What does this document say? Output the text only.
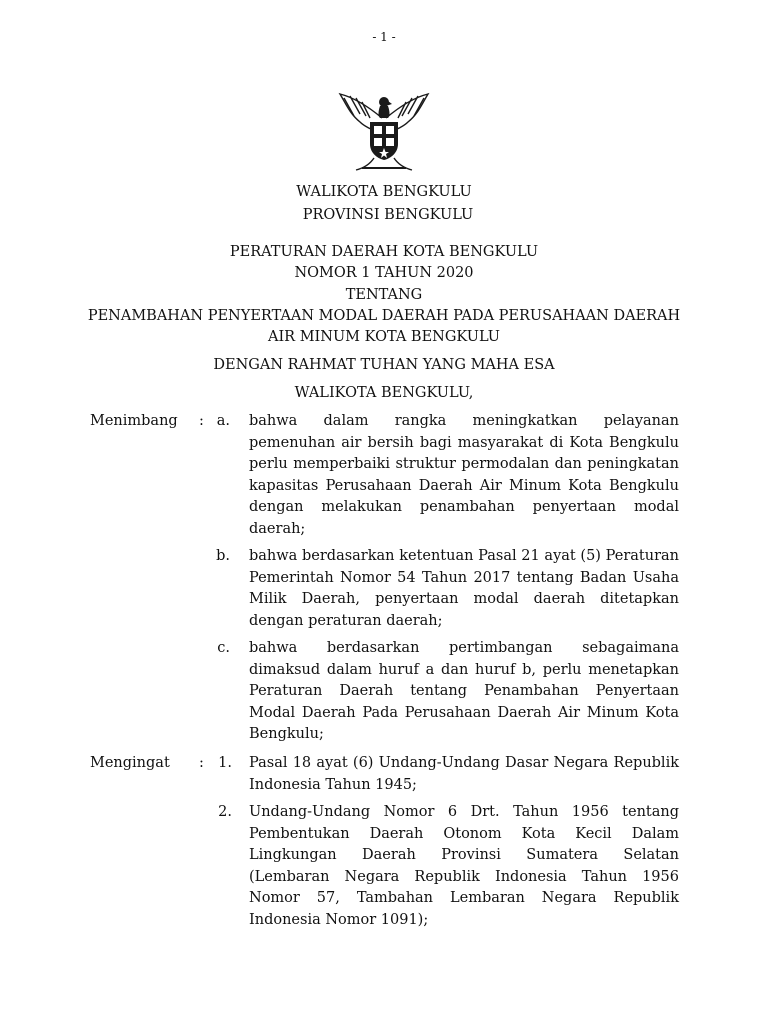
- 1 -
WALIKOTA BENGKULU
PROVINSI BENGKULU
PERATURAN DAERAH KOTA BENGKULU
NOMOR 1 TAHUN 2020
TENTANG
PENAMBAHAN PENYERTAAN MODAL DAERAH PADA PERUSAHAAN DAERAH
AIR MINUM KOTA BENGKULU
DENGAN RAHMAT TUHAN YANG MAHA ESA
WALIKOTA BENGKULU,
Menimbang : a. bahwa dalam rangka meningkatkan pelayanan pemenuhan air bersih bagi masyarakat di Kota Bengkulu perlu memperbaiki struktur permodalan dan peningkatan kapasitas Perusahaan Daerah Air Minum Kota Bengkulu dengan melakukan penambahan penyertaan modal daerah;
b. bahwa berdasarkan ketentuan Pasal 21 ayat (5) Peraturan Pemerintah Nomor 54 Tahun 2017 tentang Badan Usaha Milik Daerah, penyertaan modal daerah ditetapkan dengan peraturan daerah;
c. bahwa berdasarkan pertimbangan sebagaimana dimaksud dalam huruf a dan huruf b, perlu menetapkan Peraturan Daerah tentang Penambahan Penyertaan Modal Daerah Pada Perusahaan Daerah Air Minum Kota Bengkulu;
Mengingat : 1. Pasal 18 ayat (6) Undang-Undang Dasar Negara Republik Indonesia Tahun 1945;
2. Undang-Undang Nomor 6 Drt. Tahun 1956 tentang Pembentukan Daerah Otonom Kota Kecil Dalam Lingkungan Daerah Provinsi Sumatera Selatan (Lembaran Negara Republik Indonesia Tahun 1956 Nomor 57, Tambahan Lembaran Negara Republik Indonesia Nomor 1091);
